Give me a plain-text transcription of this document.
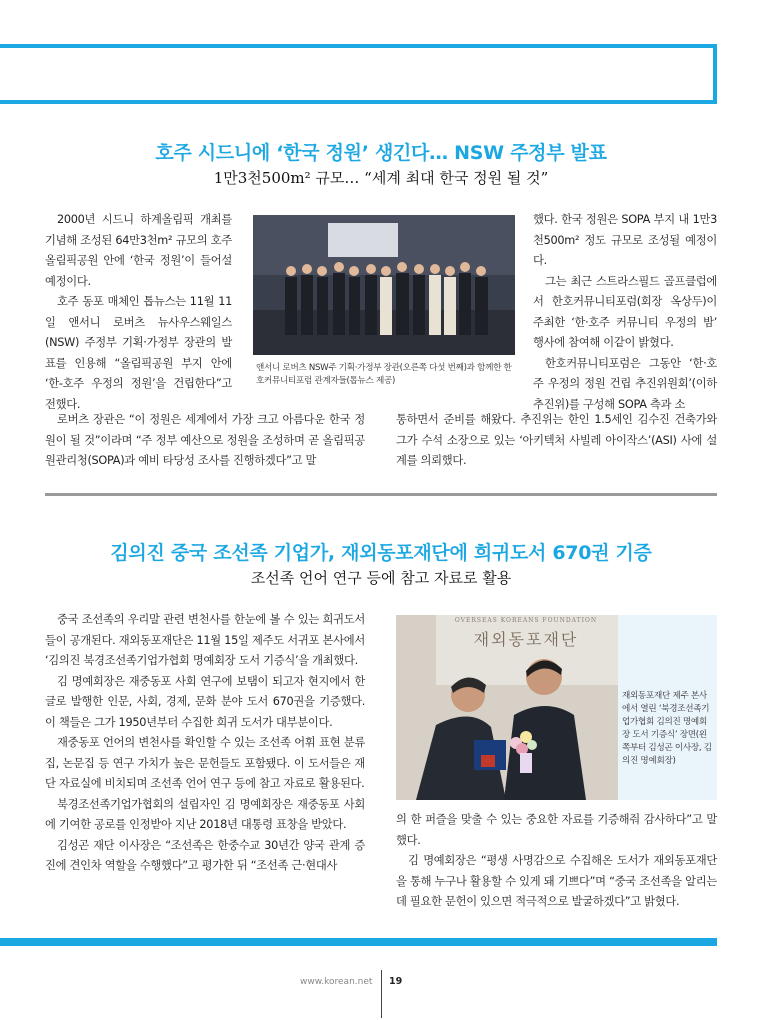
호주 시드니에 ‘한국 정원’ 생긴다… NSW 주정부 발표
1만3천500m² 규모… “세계 최대 한국 정원 될 것”

2000년 시드니 하계올림픽 개최를 기념해 조성된 64만3천m² 규모의 호주 올림픽공원 안에 ‘한국 정원’이 들어설 예정이다.

호주 동포 매체인 톱뉴스는 11월 11일 앤서니 로버츠 뉴사우스웨일스(NSW) 주정부 기획·가정부 장관의 발표를 인용해 “올림픽공원 부지 안에 ‘한-호주 우정의 정원’을 건립한다”고 전했다.

앤서니 로버츠 NSW주 기획·가정부 장관(오른쪽 다섯 번째)과 함께한 한호커뮤니티포럼 관계자들(톱뉴스 제공)

했다. 한국 정원은 SOPA 부지 내 1만3천500m² 정도 규모로 조성될 예정이다.

그는 최근 스트라스필드 골프클럽에서 한호커뮤니티포럼(회장 옥상두)이 주최한 ‘한·호주 커뮤니티 우정의 밤’ 행사에 참여해 이같이 밝혔다.

한호커뮤니티포럼은 그동안 ‘한·호주 우정의 정원 건립 추진위원회’(이하 추진위)를 구성해 SOPA 측과 소

로버츠 장관은 “이 정원은 세계에서 가장 크고 아름다운 한국 정원이 될 것”이라며 “주 정부 예산으로 정원을 조성하며 곧 올림픽공원관리청(SOPA)과 예비 타당성 조사를 진행하겠다”고 말

통하면서 준비를 해왔다. 추진위는 한인 1.5세인 김수진 건축가와 그가 수석 소장으로 있는 ‘아키텍처 사빌레 아이작스’(ASI) 사에 설계를 의뢰했다.

김의진 중국 조선족 기업가, 재외동포재단에 희귀도서 670권 기증
조선족 언어 연구 등에 참고 자료로 활용

중국 조선족의 우리말 관련 변천사를 한눈에 볼 수 있는 희귀도서들이 공개된다. 재외동포재단은 11월 15일 제주도 서귀포 본사에서 ‘김의진 북경조선족기업가협회 명예회장 도서 기증식’을 개최했다.

김 명예회장은 재중동포 사회 연구에 보탬이 되고자 현지에서 한글로 발행한 인문, 사회, 경제, 문화 분야 도서 670권을 기증했다. 이 책들은 그가 1950년부터 수집한 희귀 도서가 대부분이다.

재중동포 언어의 변천사를 확인할 수 있는 조선족 어휘 표현 분류집, 논문집 등 연구 가치가 높은 문헌들도 포함됐다. 이 도서들은 재단 자료실에 비치되며 조선족 언어 연구 등에 참고 자료로 활용된다.

북경조선족기업가협회의 설립자인 김 명예회장은 재중동포 사회에 기여한 공로를 인정받아 지난 2018년 대통령 표창을 받았다.

김성곤 재단 이사장은 “조선족은 한중수교 30년간 양국 관계 증진에 견인차 역할을 수행했다”고 평가한 뒤 “조선족 근·현대사

OVERSEAS KOREANS FOUNDATION
재외동포재단
재외동포재단 제주 본사에서 열린 ‘북경조선족기업가협회 김의진 명예회장 도서 기증식’ 장면(왼쪽부터 김성곤 이사장, 김의진 명예회장)

의 한 퍼즐을 맞출 수 있는 중요한 자료를 기증해줘 감사하다”고 말했다.

김 명예회장은 “평생 사명감으로 수집해온 도서가 재외동포재단을 통해 누구나 활용할 수 있게 돼 기쁘다”며 “중국 조선족을 알리는데 필요한 문헌이 있으면 적극적으로 발굴하겠다”고 밝혔다.

www.korean.net 19
